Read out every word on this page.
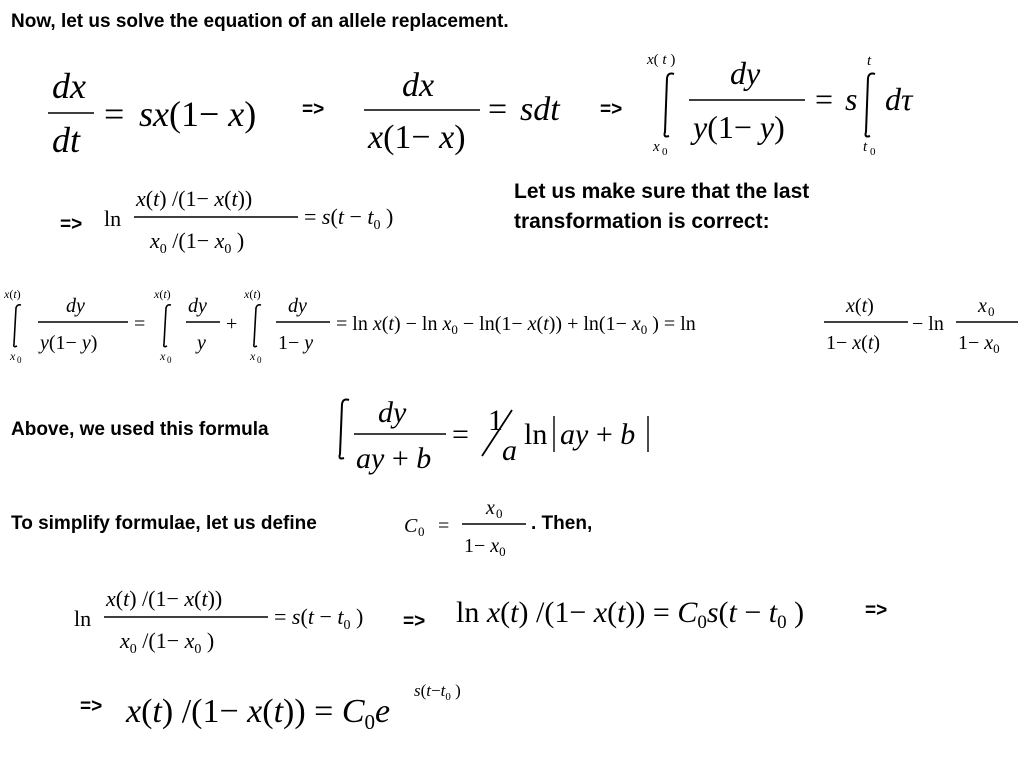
Now, let us solve the equation of an allele replacement.
=>	=>
=>
Let us make sure that the last
transformation is correct:
Above, we used this formula
To simplify formulae, let us define	. Then,
=>
=>
=>
dx
dt
= sx(1− x)
dx
x(1− x)
= sdt
x( t )
x 0
dy
y(1− y)
= s
t
t 0
dτ
ln
x(t) /(1− x(t))
$x_0$ $/(1- x_0$ )
= $s(t - t_0$ )
x(t)
x 0
dy
y(1− y)
=
x(t)
x 0
dy
y
+
x(t)
x 0
dy
1− y
= $\ln x(t) - \ln x_0 - \ln(1- x(t)) + \ln(1- x_0$ ) = ln
x(t)
1− x(t)
− ln
x 0
$1- x_0$
dy
ay + b
= 1
a ln ay + b
C 0 =
x 0
$1- x_0$
ln
x(t) /(1− x(t))
$x_0$ $/(1- x_0$ )
= $s(t - t_0$ )	ln x(t) $/(1- x(t)) = C_0s(t - t_0$ )
x(t) $/(1- x(t)) = C_0e$
$s(t-t_0$ )
